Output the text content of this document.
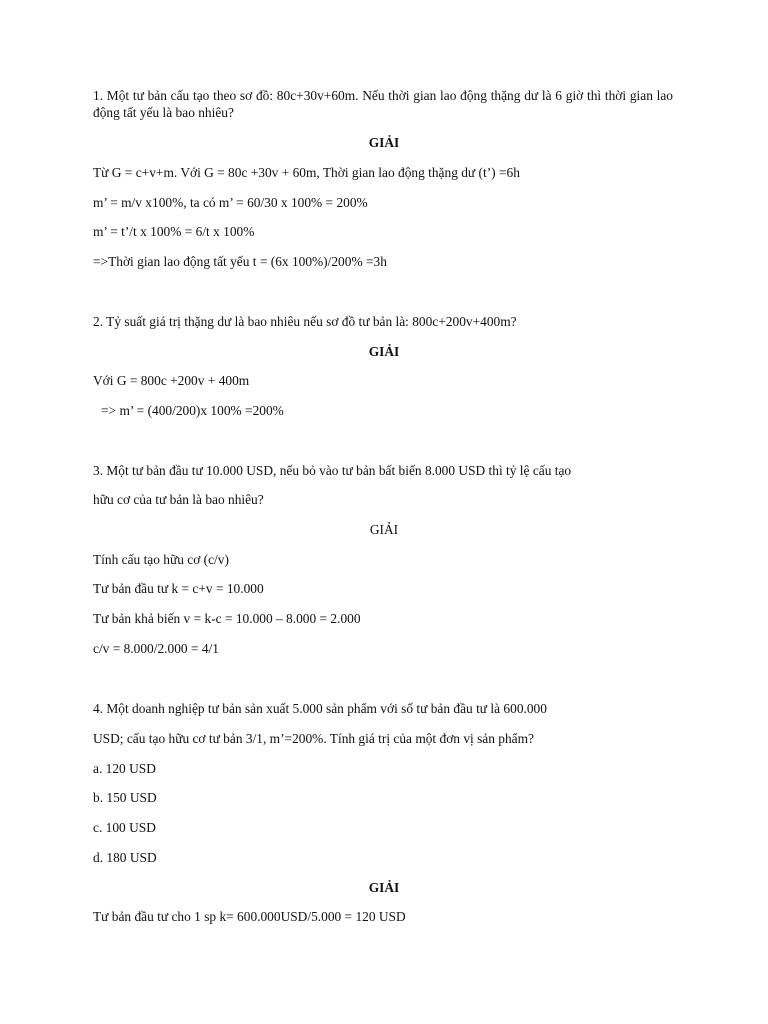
1. Một tư bản cấu tạo theo sơ đồ: 80c+30v+60m. Nếu thời gian lao động thặng dư là 6 giờ thì thời gian lao động tất yếu là bao nhiêu?

GIẢI

Từ G = c+v+m. Với G = 80c +30v + 60m, Thời gian lao động thặng dư (t’) =6h

m’ = m/v x100%, ta có m’ = 60/30 x 100% = 200%

m’ = t’/t x 100% = 6/t x 100%

=>Thời gian lao động tất yếu t = (6x 100%)/200% =3h

2. Tỷ suất giá trị thặng dư là bao nhiêu nếu sơ đồ tư bản là: 800c+200v+400m?

GIẢI

Với G = 800c +200v + 400m

=> m’ = (400/200)x 100% =200%

3. Một tư bản đầu tư 10.000 USD, nếu bỏ vào tư bản bất biến 8.000 USD thì tỷ lệ cấu tạo

hữu cơ của tư bản là bao nhiêu?

GIẢI

Tính cấu tạo hữu cơ (c/v)

Tư bản đầu tư k = c+v = 10.000

Tư bản khả biến v = k-c = 10.000 – 8.000 = 2.000

c/v = 8.000/2.000 = 4/1

4. Một doanh nghiệp tư bản sản xuất 5.000 sản phẩm với số tư bản đầu tư là 600.000

USD; cấu tạo hữu cơ tư bản 3/1, m’=200%. Tính giá trị của một đơn vị sản phẩm?

a. 120 USD

b. 150 USD

c. 100 USD

d. 180 USD

GIẢI

Tư bản đầu tư cho 1 sp k= 600.000USD/5.000 = 120 USD
